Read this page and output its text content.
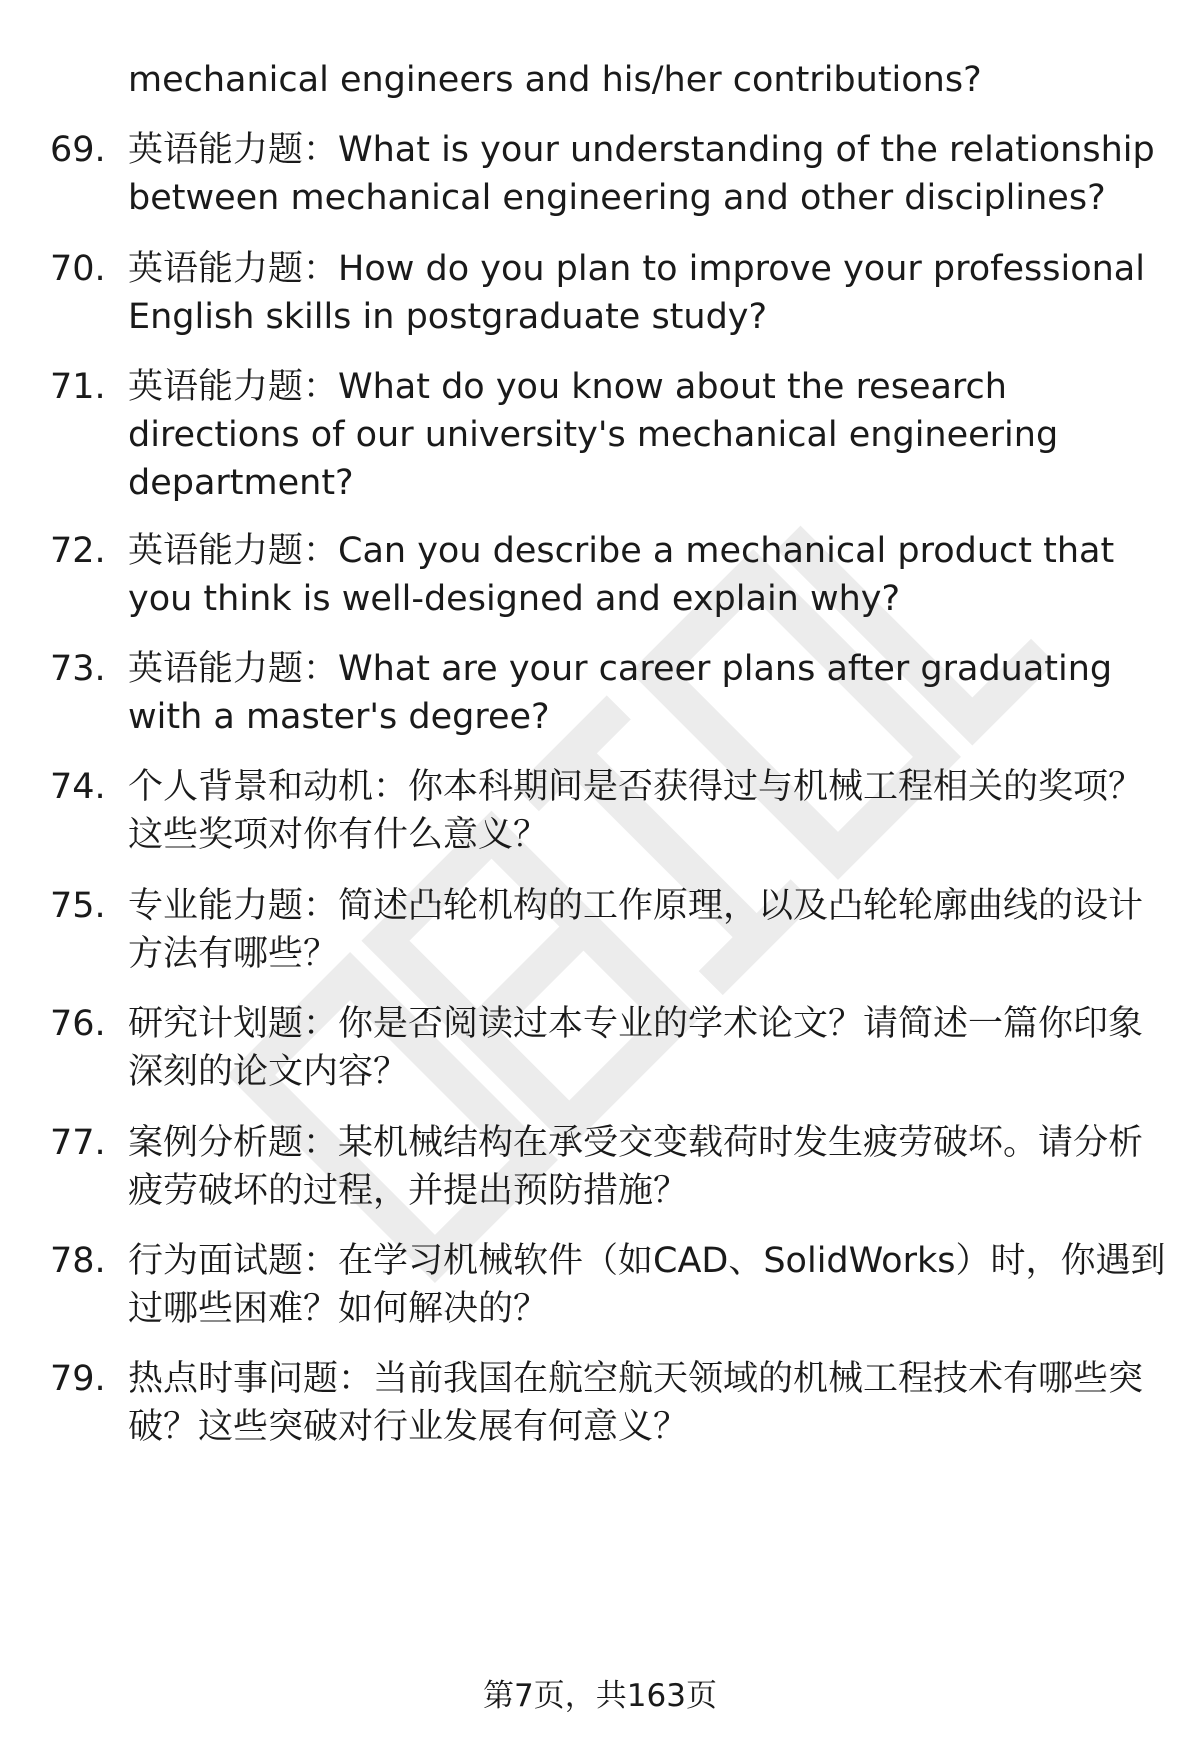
mechanical engineers and his/her contributions?

69. 英语能力题：What is your understanding of the relationship between mechanical engineering and other disciplines?

70. 英语能力题：How do you plan to improve your professional English skills in postgraduate study?

71. 英语能力题：What do you know about the research directions of our university's mechanical engineering department?

72. 英语能力题：Can you describe a mechanical product that you think is well-designed and explain why?

73. 英语能力题：What are your career plans after graduating with a master's degree?

74. 个人背景和动机：你本科期间是否获得过与机械工程相关的奖项？这些奖项对你有什么意义？

75. 专业能力题：简述凸轮机构的工作原理，以及凸轮轮廓曲线的设计方法有哪些？

76. 研究计划题：你是否阅读过本专业的学术论文？请简述一篇你印象深刻的论文内容？

77. 案例分析题：某机械结构在承受交变载荷时发生疲劳破坏。请分析疲劳破坏的过程，并提出预防措施？

78. 行为面试题：在学习机械软件（如CAD、SolidWorks）时，你遇到过哪些困难？如何解决的？

79. 热点时事问题：当前我国在航空航天领域的机械工程技术有哪些突破？这些突破对行业发展有何意义？

第7页，共163页
